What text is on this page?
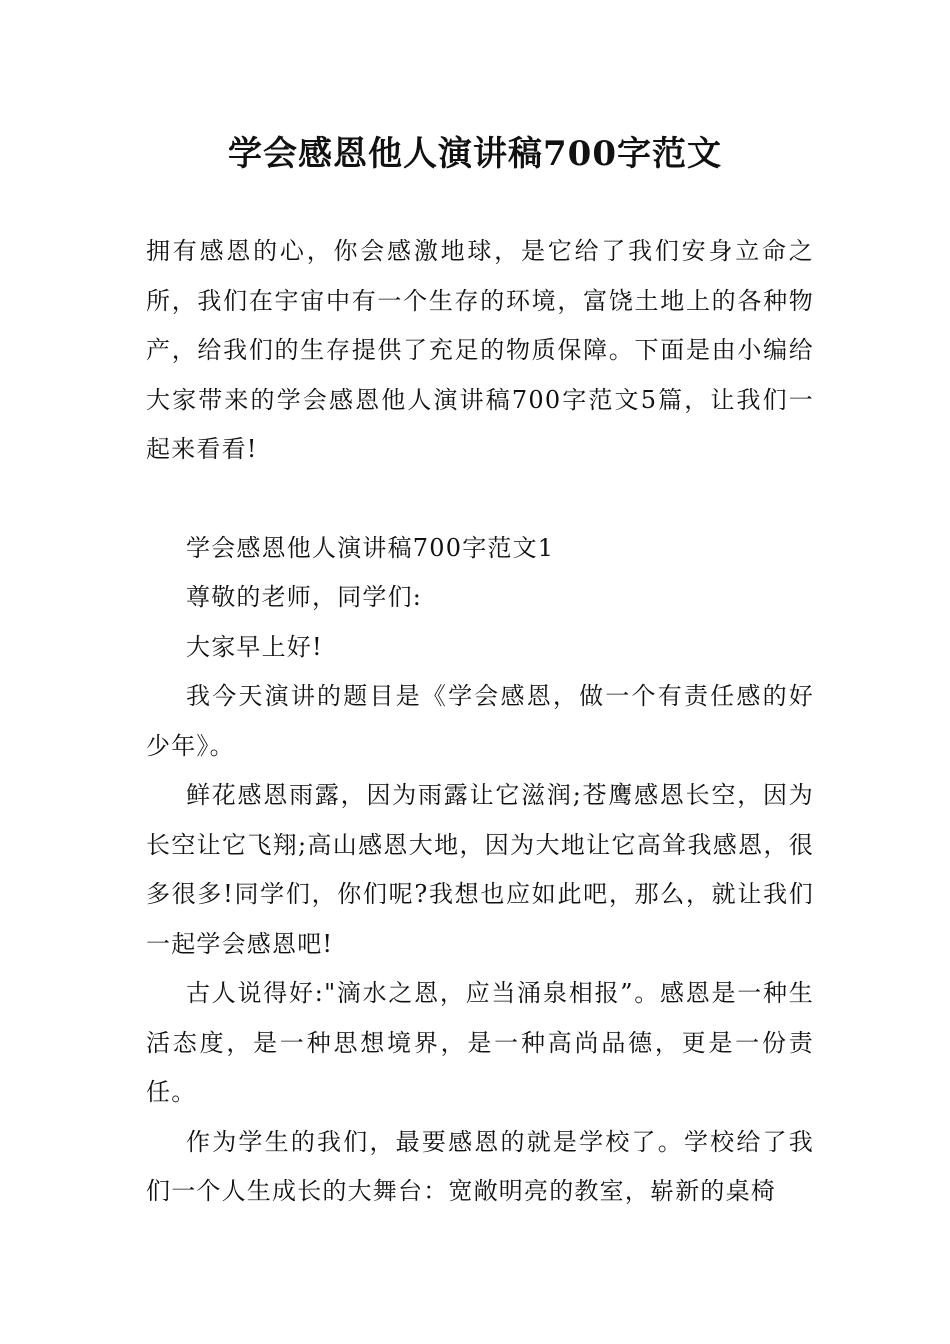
学会感恩他人演讲稿700字范文

拥有感恩的心，你会感激地球，是它给了我们安身立命之所，我们在宇宙中有一个生存的环境，富饶土地上的各种物产，给我们的生存提供了充足的物质保障。下面是由小编给大家带来的学会感恩他人演讲稿700字范文5篇，让我们一起来看看!

学会感恩他人演讲稿700字范文1

尊敬的老师，同学们:

大家早上好!

我今天演讲的题目是《学会感恩，做一个有责任感的好少年》。

鲜花感恩雨露，因为雨露让它滋润;苍鹰感恩长空，因为长空让它飞翔;高山感恩大地，因为大地让它高耸我感恩，很多很多!同学们，你们呢?我想也应如此吧，那么，就让我们一起学会感恩吧!

古人说得好:"滴水之恩，应当涌泉相报”。感恩是一种生活态度，是一种思想境界，是一种高尚品德，更是一份责任。

作为学生的我们，最要感恩的就是学校了。学校给了我们一个人生成长的大舞台：宽敞明亮的教室，崭新的桌椅
